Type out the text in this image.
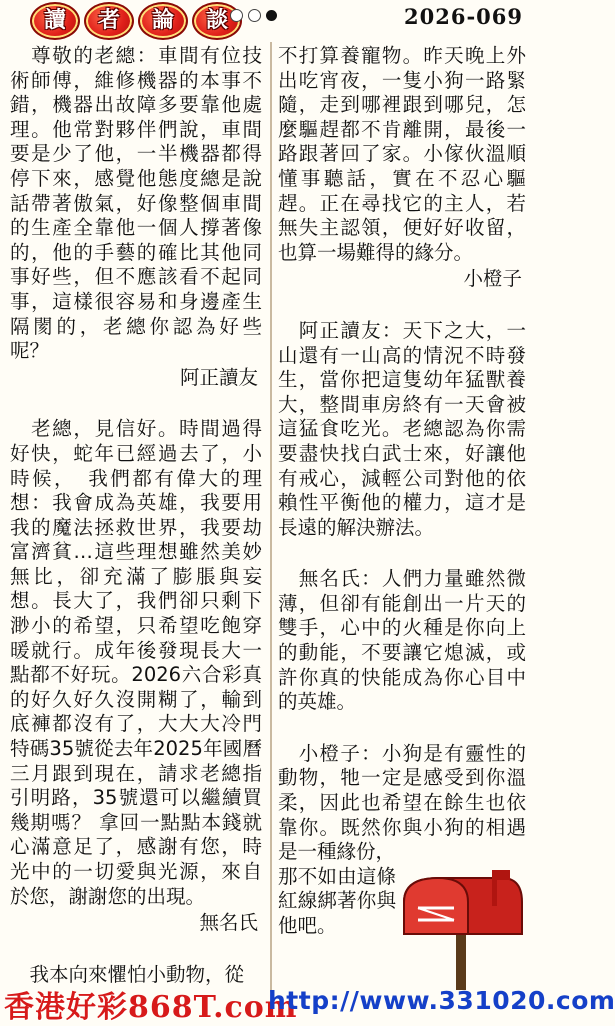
讀	者	論	談	2026-069

　尊敬的老總：車間有位技術師傅，維修機器的本事不錯，機器出故障多要靠他處理。他常對夥伴們說，車間要是少了他，一半機器都得停下來，感覺他態度總是說話帶著傲氣，好像整個車間的生產全靠他一個人撐著像的，他的手藝的確比其他同事好些，但不應該看不起同事，這樣很容易和身邊產生隔閡的，老總你認為好些呢？

阿正讀友

　老總，見信好。時間過得好快，蛇年已經過去了，小時候，　我們都有偉大的理想：我會成為英雄，我要用我的魔法拯救世界，我要劫富濟貧…這些理想雖然美妙無比，卻充滿了膨脹與妄想。長大了，我們卻只剩下渺小的希望，只希望吃飽穿暖就行。成年後發現長大一點都不好玩。2026六合彩真的好久好久沒開糊了，輸到底褲都沒有了，大大大冷門特碼35號從去年2025年國曆三月跟到現在，請求老總指引明路，35號還可以繼續買幾期嗎？ 拿回一點點本錢就心滿意足了，感謝有您，時光中的一切愛與光源，來自於您，謝謝您的出現。

無名氏

　我本向來懼怕小動物，從

不打算養寵物。昨天晚上外出吃宵夜，一隻小狗一路緊隨，走到哪裡跟到哪兒，怎麼驅趕都不肯離開，最後一路跟著回了家。小傢伙溫順懂事聽話，實在不忍心驅趕。正在尋找它的主人，若無失主認領，便好好收留，也算一場難得的緣分。

小橙子

　阿正讀友：天下之大，一山還有一山高的情況不時發生，當你把這隻幼年猛獸養大，整間車房終有一天會被這猛食吃光。老總認為你需要盡快找白武士來，好讓他有戒心，減輕公司對他的依賴性平衡他的權力，這才是長遠的解決辦法。

　無名氏：人們力量雖然微薄，但卻有能創出一片天的雙手，心中的火種是你向上的動能，不要讓它熄滅，或許你真的快能成為你心目中的英雄。

　小橙子：小狗是有靈性的動物，牠一定是感受到你溫柔，因此也希望在餘生也依靠你。既然你與小狗的相遇是一種緣份，

那不如由這條紅線綁著你與他吧。

香港好彩868T.com
http://www.331020.com
